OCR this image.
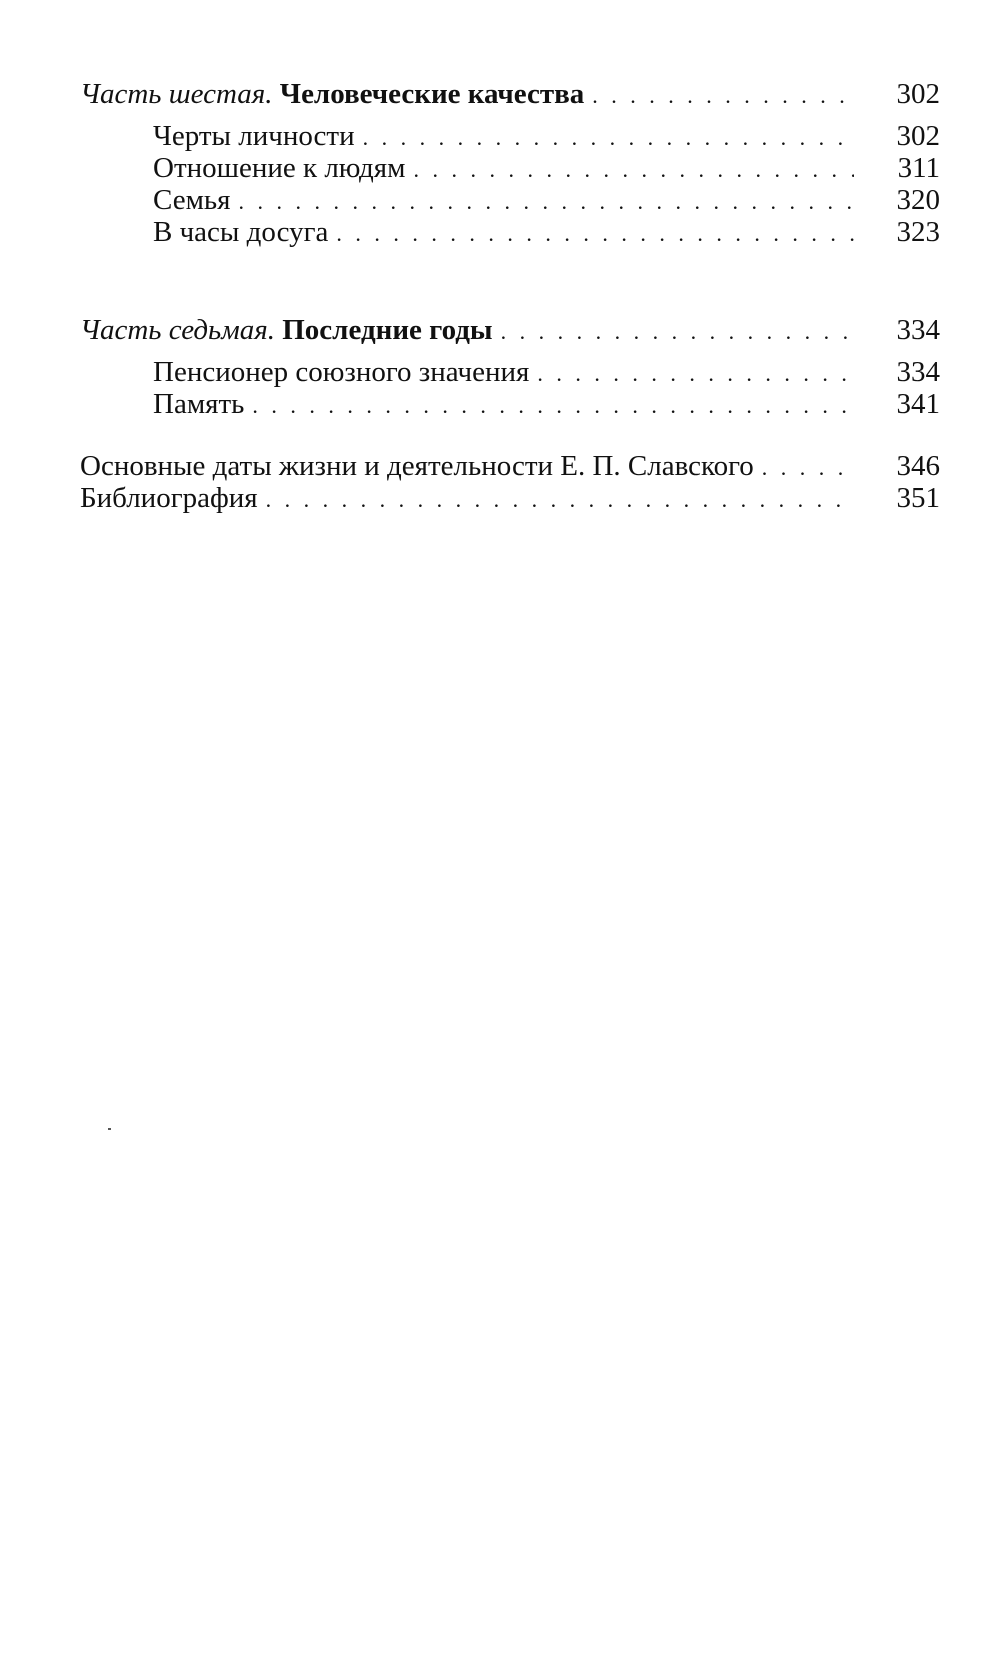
Часть шестая. Человеческие качества . . .	302
Черты личности . . .	302
Отношение к людям . . .	311
Семья . . .	320
В часы досуга . . .	323
Часть седьмая. Последние годы . . .	334
Пенсионер союзного значения . . .	334
Память . . .	341
Основные даты жизни и деятельности Е. П. Славского . . .	346
Библиография . . .	351
